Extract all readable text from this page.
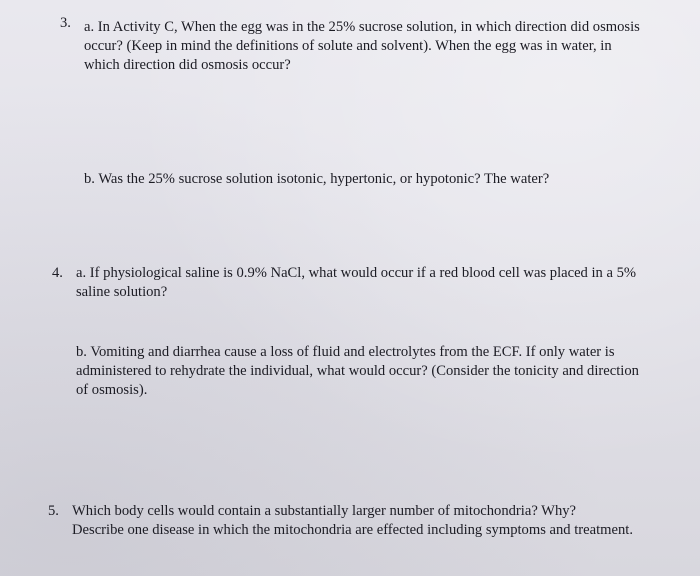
3. a. In Activity C, When the egg was in the 25% sucrose solution, in which direction did osmosis
occur? (Keep in mind the definitions of solute and solvent). When the egg was in water, in
which direction did osmosis occur?
b. Was the 25% sucrose solution isotonic, hypertonic, or hypotonic? The water?
4. a. If physiological saline is 0.9% NaCl, what would occur if a red blood cell was placed in a 5%
saline solution?
b. Vomiting and diarrhea cause a loss of fluid and electrolytes from the ECF. If only water is
administered to rehydrate the individual, what would occur? (Consider the tonicity and direction
of osmosis).
5. Which body cells would contain a substantially larger number of mitochondria? Why?
Describe one disease in which the mitochondria are effected including symptoms and treatment.
